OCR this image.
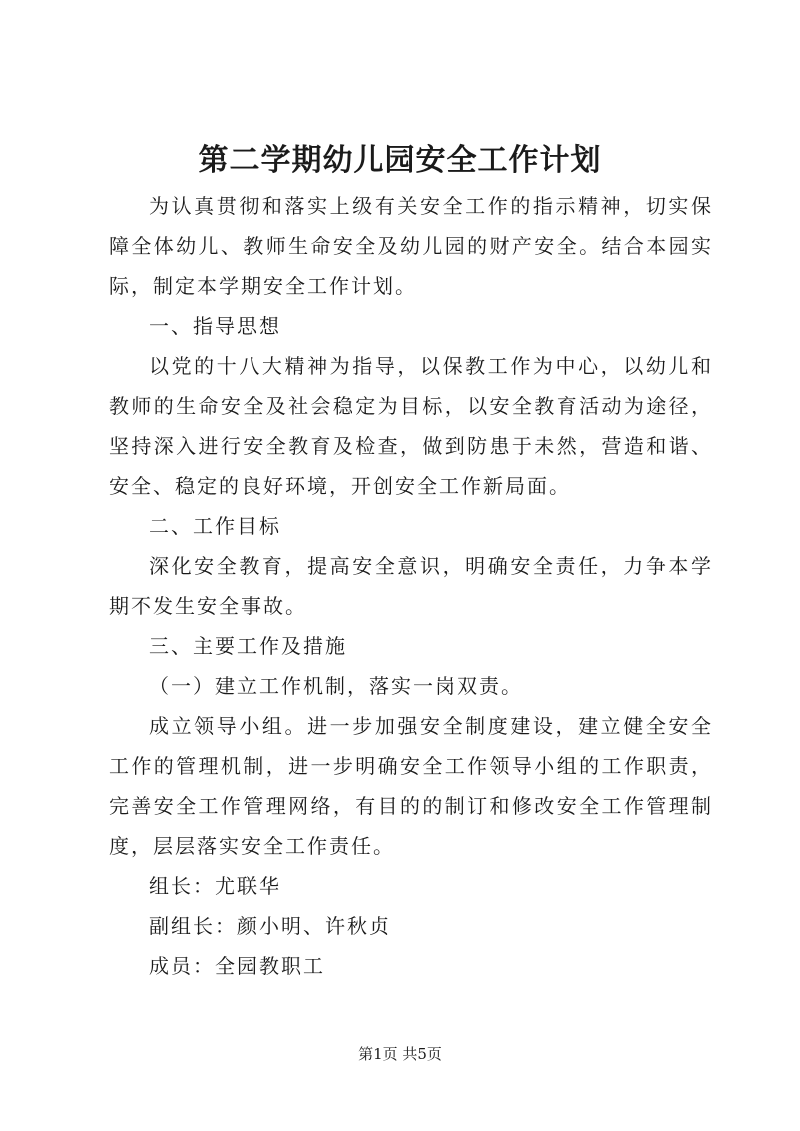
第二学期幼儿园安全工作计划

为认真贯彻和落实上级有关安全工作的指示精神，切实保障全体幼儿、教师生命安全及幼儿园的财产安全。结合本园实际，制定本学期安全工作计划。

一、指导思想

以党的十八大精神为指导，以保教工作为中心，以幼儿和教师的生命安全及社会稳定为目标，以安全教育活动为途径，坚持深入进行安全教育及检查，做到防患于未然，营造和谐、安全、稳定的良好环境，开创安全工作新局面。

二、工作目标

深化安全教育，提高安全意识，明确安全责任，力争本学期不发生安全事故。

三、主要工作及措施

（一）建立工作机制，落实一岗双责。

成立领导小组。进一步加强安全制度建设，建立健全安全工作的管理机制，进一步明确安全工作领导小组的工作职责，完善安全工作管理网络，有目的的制订和修改安全工作管理制度，层层落实安全工作责任。

组长：尤联华

副组长：颜小明、许秋贞

成员：全园教职工

第1页 共5页
